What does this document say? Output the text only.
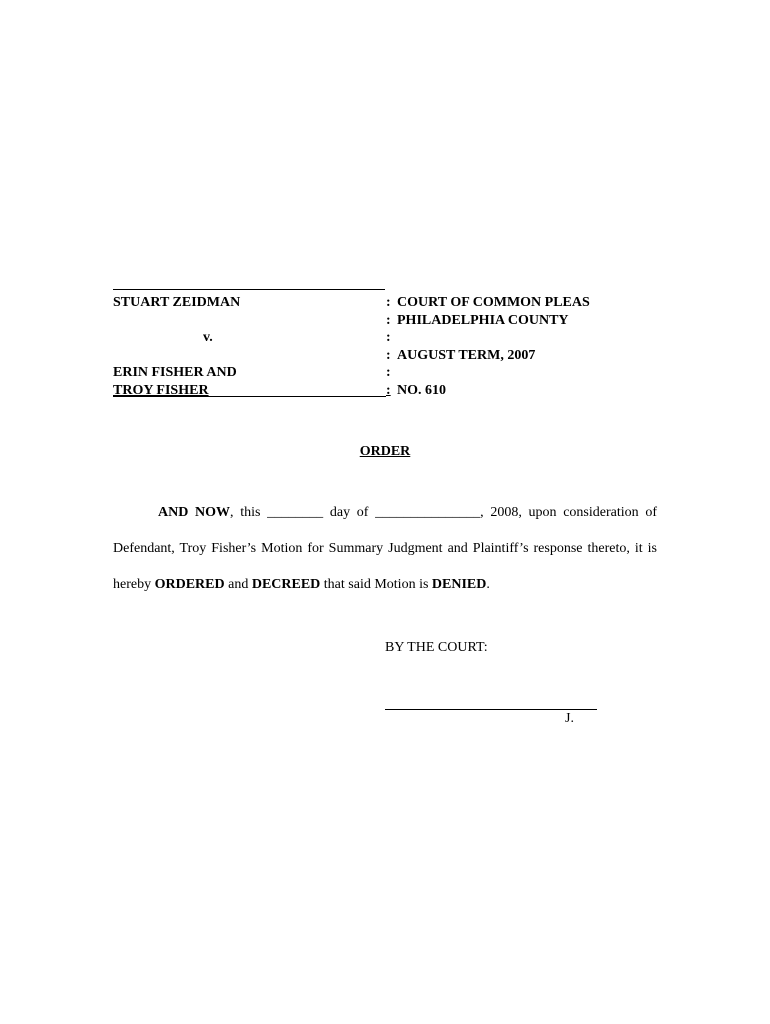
STUART ZEIDMAN	: COURT OF COMMON PLEAS
: PHILADELPHIA COUNTY
v.	:
: AUGUST TERM, 2007
ERIN FISHER AND	:
TROY FISHER	: NO. 610
ORDER
AND NOW, this ________ day of _______________, 2008, upon consideration of Defendant, Troy Fisher’s Motion for Summary Judgment and Plaintiff’s response thereto, it is hereby ORDERED and DECREED that said Motion is DENIED.
BY THE COURT:
J.
